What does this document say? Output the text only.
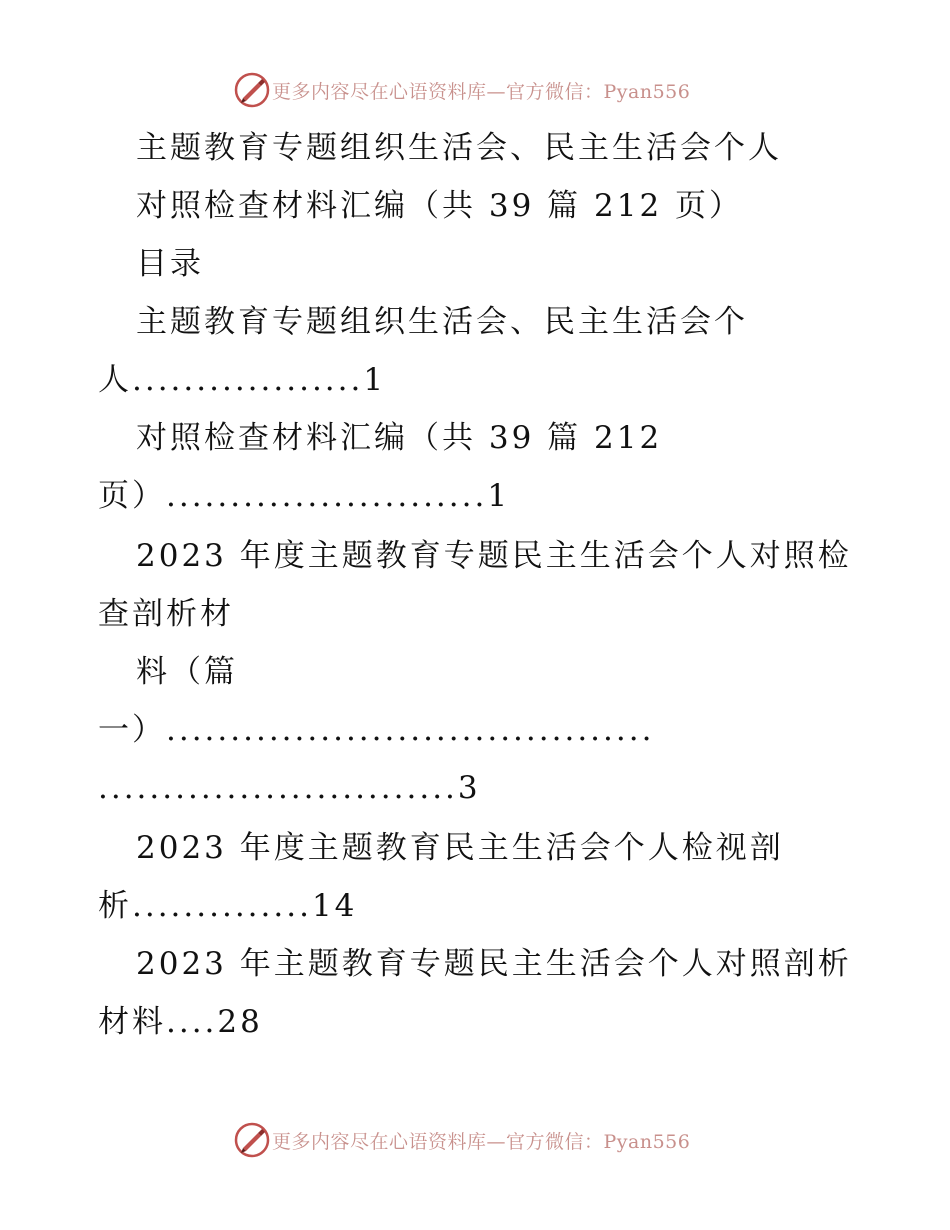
更多内容尽在心语资料库—官方微信：Pyan556
主题教育专题组织生活会、民主生活会个人
对照检查材料汇编（共 39 篇 212 页）
目录
主题教育专题组织生活会、民主生活会个
人..................1
对照检查材料汇编（共 39 篇 212
页）.........................1
2023 年度主题教育专题民主生活会个人对照检
查剖析材
料（篇
一）......................................
............................3
2023 年度主题教育民主生活会个人检视剖
析..............14
2023 年主题教育专题民主生活会个人对照剖析
材料....28
更多内容尽在心语资料库—官方微信：Pyan556
